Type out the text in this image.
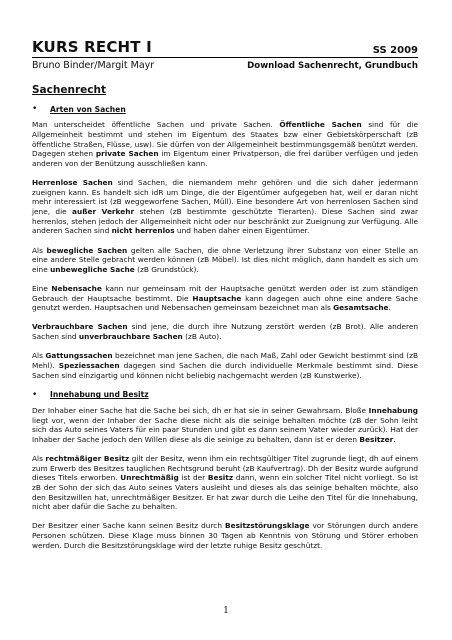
KURS RECHT I	SS 2009
Bruno Binder/Margit Mayr	Download Sachenrecht, Grundbuch
Sachenrecht
•	Arten von Sachen

Man unterscheidet öffentliche Sachen und private Sachen. Öffentliche Sachen sind für die Allgemeinheit bestimmt und stehen im Eigentum des Staates bzw einer Gebietskörperschaft (zB öffentliche Straßen, Flüsse, usw). Sie dürfen von der Allgemeinheit bestimmungsgemäß benützt werden. Dagegen stehen private Sachen im Eigentum einer Privatperson, die frei darüber verfügen und jeden anderen von der Benützung ausschließen kann.

Herrenlose Sachen sind Sachen, die niemandem mehr gehören und die sich daher jedermann zueignen kann. Es handelt sich idR um Dinge, die der Eigentümer aufgegeben hat, weil er daran nicht mehr interessiert ist (zB weggeworfene Sachen, Müll). Eine besondere Art von herrenlosen Sachen sind jene, die außer Verkehr stehen (zB bestimmte geschützte Tierarten). Diese Sachen sind zwar herrenlos, stehen jedoch der Allgemeinheit nicht oder nur beschränkt zur Zueignung zur Verfügung. Alle anderen Sachen sind nicht herrenlos und haben daher einen Eigentümer.

Als bewegliche Sachen gelten alle Sachen, die ohne Verletzung ihrer Substanz von einer Stelle an eine andere Stelle gebracht werden können (zB Möbel). Ist dies nicht möglich, dann handelt es sich um eine unbewegliche Sache (zB Grundstück).

Eine Nebensache kann nur gemeinsam mit der Hauptsache genützt werden oder ist zum ständigen Gebrauch der Hauptsache bestimmt. Die Hauptsache kann dagegen auch ohne eine andere Sache genutzt werden. Hauptsachen und Nebensachen gemeinsam bezeichnet man als Gesamtsache.

Verbrauchbare Sachen sind jene, die durch ihre Nutzung zerstört werden (zB Brot). Alle anderen Sachen sind unverbrauchbare Sachen (zB Auto).

Als Gattungssachen bezeichnet man jene Sachen, die nach Maß, Zahl oder Gewicht bestimmt sind (zB Mehl). Speziessachen dagegen sind Sachen die durch individuelle Merkmale bestimmt sind. Diese Sachen sind einzigartig und können nicht beliebig nachgemacht werden (zB Kunstwerke).

•	Innehabung und Besitz

Der Inhaber einer Sache hat die Sache bei sich, dh er hat sie in seiner Gewahrsam. Bloße Innehabung liegt vor, wenn der Inhaber der Sache diese nicht als die seinige behalten möchte (zB der Sohn leiht sich das Auto seines Vaters für ein paar Stunden und gibt es dann seinem Vater wieder zurück). Hat der Inhaber der Sache jedoch den Willen diese als die seinige zu behalten, dann ist er deren Besitzer.

Als rechtmäßiger Besitz gilt der Besitz, wenn ihm ein rechtsgültiger Titel zugrunde liegt, dh auf einem zum Erwerb des Besitzes tauglichen Rechtsgrund beruht (zB Kaufvertrag). Dh der Besitz wurde aufgrund dieses Titels erworben. Unrechtmäßig ist der Besitz dann, wenn ein solcher Titel nicht vorliegt. So ist zB der Sohn der sich das Auto seines Vaters ausleiht und dieses als das seinige behalten möchte, also den Besitzwillen hat, unrechtmäßiger Besitzer. Er hat zwar durch die Leihe den Titel für die Innehabung, nicht aber dafür die Sache zu behalten.

Der Besitzer einer Sache kann seinen Besitz durch Besitzstörungsklage vor Störungen durch andere Personen schützen. Diese Klage muss binnen 30 Tagen ab Kenntnis von Störung und Störer erhoben werden. Durch die Besitzstörungsklage wird der letzte ruhige Besitz geschützt.

1
